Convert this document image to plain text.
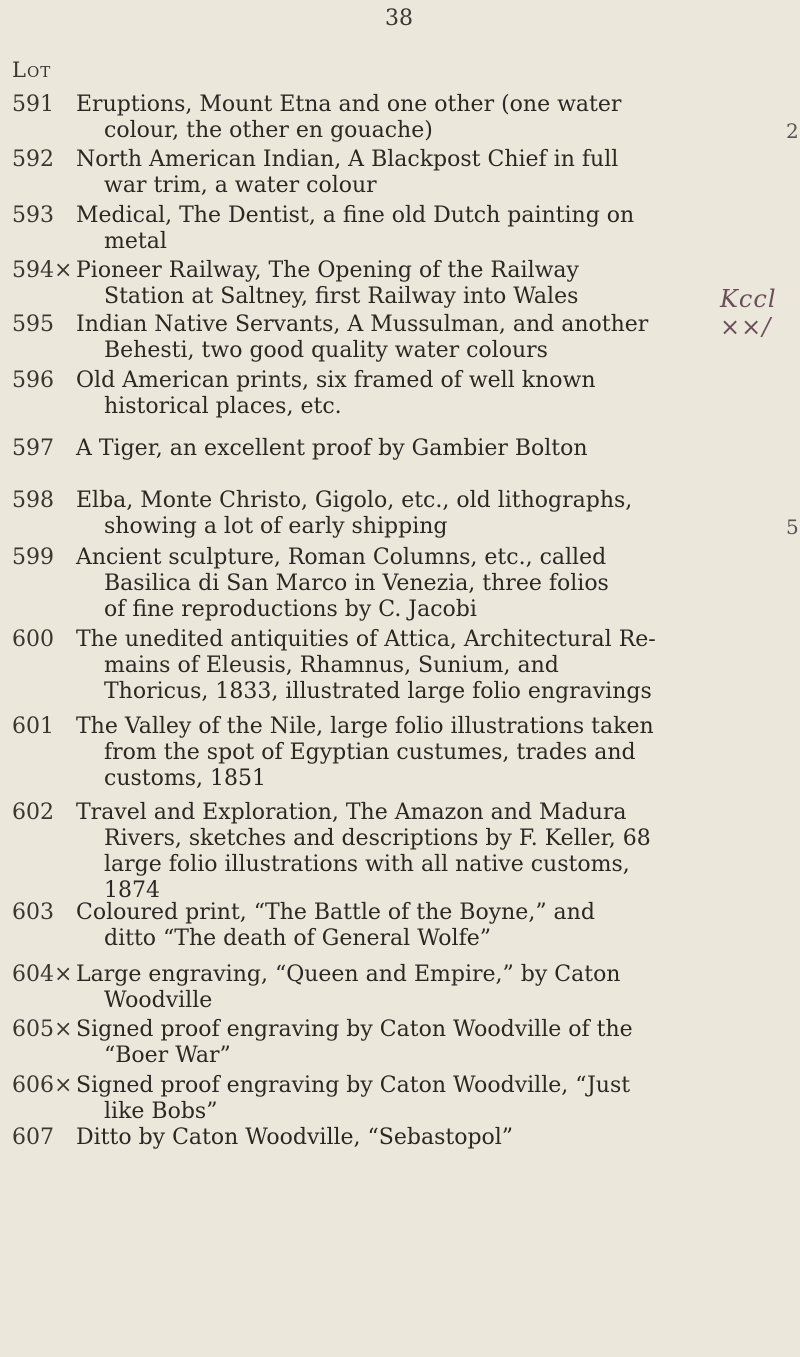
38
Lot
591 Eruptions, Mount Etna and one other (one water
colour, the other en gouache)	2
592 North American Indian, A Blackpost Chief in full
war trim, a water colour
593 Medical, The Dentist, a fine old Dutch painting on
metal
594× Pioneer Railway, The Opening of the Railway
Station at Saltney, first Railway into Wales	Kccl ××/
595 Indian Native Servants, A Mussulman, and another
Behesti, two good quality water colours
596 Old American prints, six framed of well known
historical places, etc.
597 A Tiger, an excellent proof by Gambier Bolton
598 Elba, Monte Christo, Gigolo, etc., old lithographs,
showing a lot of early shipping	5
599 Ancient sculpture, Roman Columns, etc., called
Basilica di San Marco in Venezia, three folios
of fine reproductions by C. Jacobi
600 The unedited antiquities of Attica, Architectural Re-
mains of Eleusis, Rhamnus, Sunium, and
Thoricus, 1833, illustrated large folio engravings
601 The Valley of the Nile, large folio illustrations taken
from the spot of Egyptian custumes, trades and
customs, 1851
602 Travel and Exploration, The Amazon and Madura
Rivers, sketches and descriptions by F. Keller, 68
large folio illustrations with all native customs,
1874
603 Coloured print, “The Battle of the Boyne,” and
ditto “The death of General Wolfe”
604× Large engraving, “Queen and Empire,” by Caton
Woodville
605× Signed proof engraving by Caton Woodville of the
“Boer War”
606× Signed proof engraving by Caton Woodville, “Just
like Bobs”
607 Ditto by Caton Woodville, “Sebastopol”
